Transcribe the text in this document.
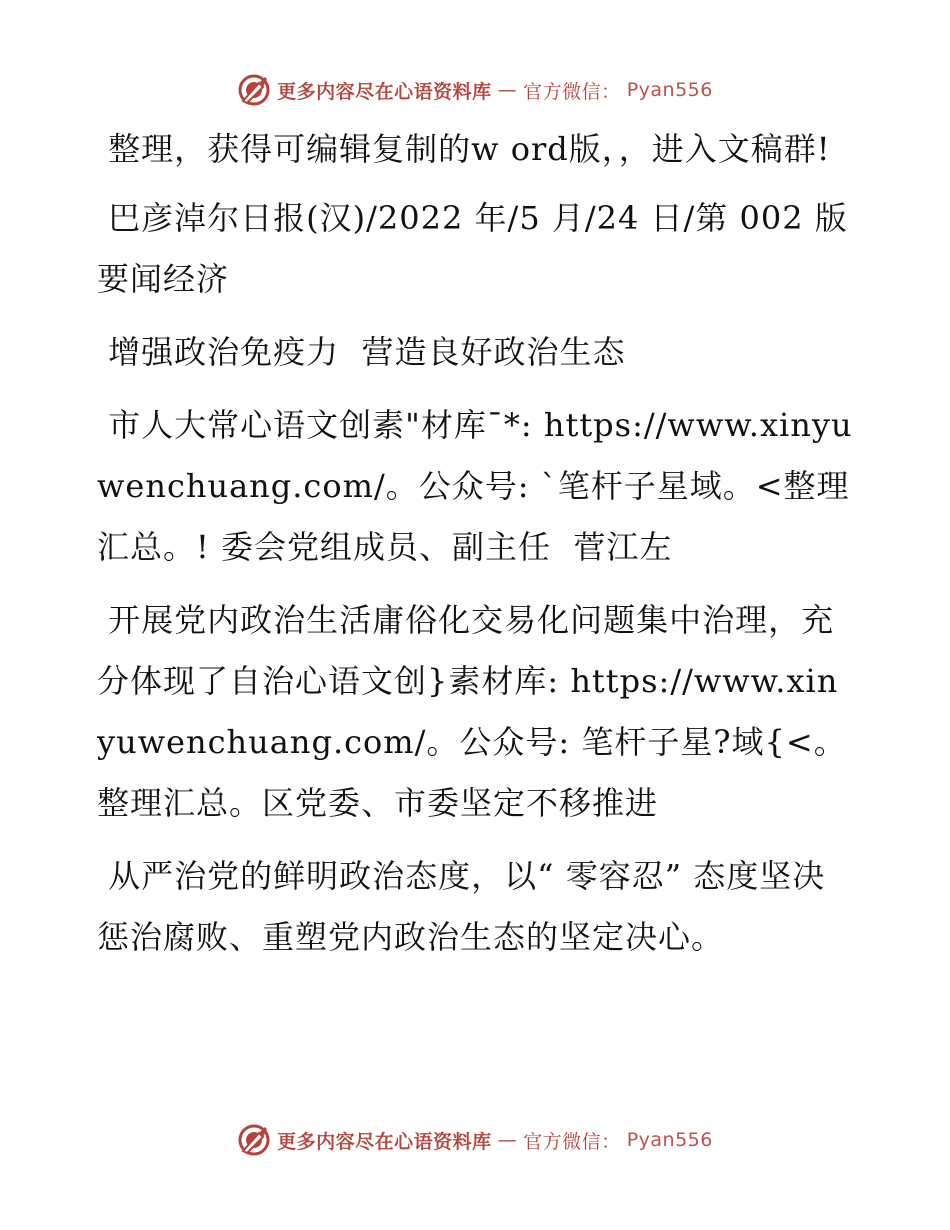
更多内容尽在心语资料库 — 官方微信： Pyan556

整理，获得可编辑复制的w ord版，，进入文稿群!

巴彦淖尔日报(汉)/2022 年/5 月/24 日/第 002 版要闻经济

增强政治免疫力  营造良好政治生态

市人大常心语文创素"材库¯*: https://www.xinyuwenchuang.com/。公众号: `笔杆子星域。<整理汇总。! 委会党组成员、副主任  菅江左

开展党内政治生活庸俗化交易化问题集中治理，充分体现了自治心语文创}素材库: https://www.xinyuwenchuang.com/。公众号: 笔杆子星?域{<。整理汇总。区党委、市委坚定不移推进

从严治党的鲜明政治态度，以“ 零容忍” 态度坚决惩治腐败、重塑党内政治生态的坚定决心。

更多内容尽在心语资料库 — 官方微信： Pyan556
